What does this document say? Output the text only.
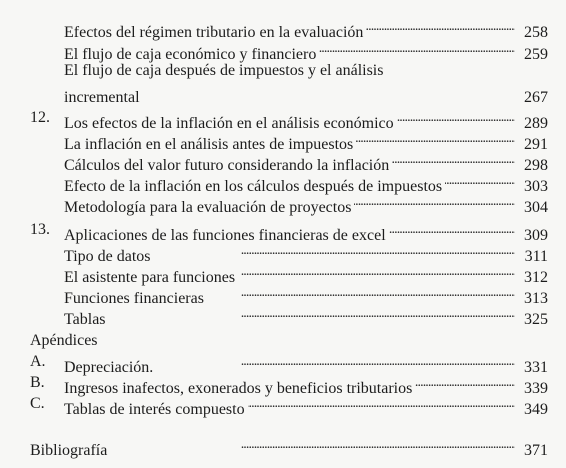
Efectos del régimen tributario en la evaluación . . .	258
El flujo de caja económico y financiero . . .	259
El flujo de caja después de impuestos y el análisis
incremental	267
12. Los efectos de la inflación en el análisis económico . . .	289
La inflación en el análisis antes de impuestos . . .	291
Cálculos del valor futuro considerando la inflación . . .	298
Efecto de la inflación en los cálculos después de impuestos . . .	303
Metodología para la evaluación de proyectos . . .	304
13. Aplicaciones de las funciones financieras de excel . . .	309
Tipo de datos . . .	311
El asistente para funciones . . .	312
Funciones financieras . . .	313
Tablas . . .	325
Apéndices
A. Depreciación. . . .	331
B. Ingresos inafectos, exonerados y beneficios tributarios . . .	339
C. Tablas de interés compuesto . . .	349
Bibliografía . . .	371
